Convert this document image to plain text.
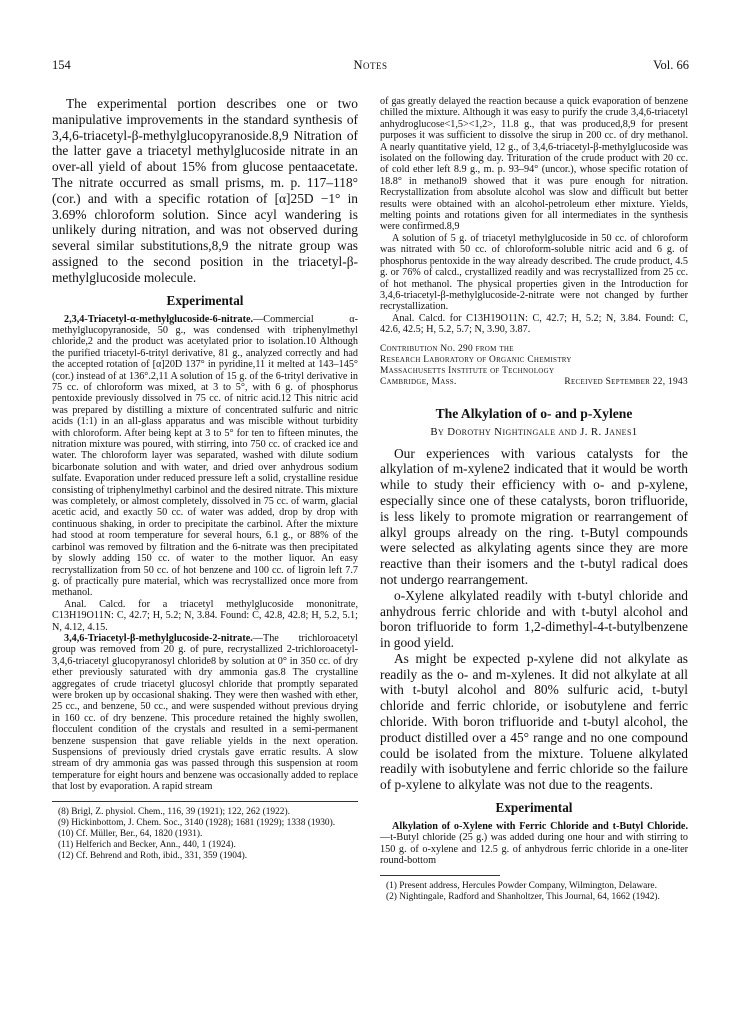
154	Notes	Vol. 66

The experimental portion describes one or two manipulative improvements in the standard synthesis of 3,4,6-triacetyl-β-methylglucopyranoside.8,9 Nitration of the latter gave a triacetyl methylglucoside nitrate in an over-all yield of about 15% from glucose pentaacetate. The nitrate occurred as small prisms, m. p. 117–118° (cor.) and with a specific rotation of [α]25D −1° in 3.69% chloroform solution. Since acyl wandering is unlikely during nitration, and was not observed during several similar substitutions,8,9 the nitrate group was assigned to the second position in the triacetyl-β-methylglucoside molecule.

Experimental

2,3,4-Triacetyl-α-methylglucoside-6-nitrate.—Commercial α-methylglucopyranoside, 50 g., was condensed with triphenylmethyl chloride,2 and the product was acetylated prior to isolation.10 Although the purified triacetyl-6-trityl derivative, 81 g., analyzed correctly and had the accepted rotation of [α]20D 137° in pyridine,11 it melted at 143–145° (cor.) instead of at 136°.2,11 A solution of 15 g. of the 6-trityl derivative in 75 cc. of chloroform was mixed, at 3 to 5°, with 6 g. of phosphorus pentoxide previously dissolved in 75 cc. of nitric acid.12 This nitric acid was prepared by distilling a mixture of concentrated sulfuric and nitric acids (1:1) in an all-glass apparatus and was miscible without turbidity with chloroform. After being kept at 3 to 5° for ten to fifteen minutes, the nitration mixture was poured, with stirring, into 750 cc. of cracked ice and water. The chloroform layer was separated, washed with dilute sodium bicarbonate solution and with water, and dried over anhydrous sodium sulfate. Evaporation under reduced pressure left a solid, crystalline residue consisting of triphenylmethyl carbinol and the desired nitrate. This mixture was completely, or almost completely, dissolved in 75 cc. of warm, glacial acetic acid, and exactly 50 cc. of water was added, drop by drop with continuous shaking, in order to precipitate the carbinol. After the mixture had stood at room temperature for several hours, 6.1 g., or 88% of the carbinol was removed by filtration and the 6-nitrate was then precipitated by slowly adding 150 cc. of water to the mother liquor. An easy recrystallization from 50 cc. of hot benzene and 100 cc. of ligroin left 7.7 g. of practically pure material, which was recrystallized once more from methanol.

Anal. Calcd. for a triacetyl methylglucoside mononitrate, C13H19O11N: C, 42.7; H, 5.2; N, 3.84. Found: C, 42.8, 42.8; H, 5.2, 5.1; N, 4.12, 4.15.

3,4,6-Triacetyl-β-methylglucoside-2-nitrate.—The trichloroacetyl group was removed from 20 g. of pure, recrystallized 2-trichloroacetyl-3,4,6-triacetyl glucopyranosyl chloride8 by solution at 0° in 350 cc. of dry ether previously saturated with dry ammonia gas.8 The crystalline aggregates of crude triacetyl glucosyl chloride that promptly separated were broken up by occasional shaking. They were then washed with ether, 25 cc., and benzene, 50 cc., and were suspended without previous drying in 160 cc. of dry benzene. This procedure retained the highly swollen, flocculent condition of the crystals and resulted in a semi-permanent benzene suspension that gave reliable yields in the next operation. Suspensions of previously dried crystals gave erratic results. A slow stream of dry ammonia gas was passed through this suspension at room temperature for eight hours and benzene was occasionally added to replace that lost by evaporation. A rapid stream

(8) Brigl, Z. physiol. Chem., 116, 39 (1921); 122, 262 (1922).

(9) Hickinbottom, J. Chem. Soc., 3140 (1928); 1681 (1929); 1338 (1930).

(10) Cf. Müller, Ber., 64, 1820 (1931).

(11) Helferich and Becker, Ann., 440, 1 (1924).

(12) Cf. Behrend and Roth, ibid., 331, 359 (1904).

of gas greatly delayed the reaction because a quick evaporation of benzene chilled the mixture. Although it was easy to purify the crude 3,4,6-triacetyl anhydroglucose<1,5><1,2>, 11.8 g., that was produced,8,9 for present purposes it was sufficient to dissolve the sirup in 200 cc. of dry methanol. A nearly quantitative yield, 12 g., of 3,4,6-triacetyl-β-methylglucoside was isolated on the following day. Trituration of the crude product with 20 cc. of cold ether left 8.9 g., m. p. 93–94° (uncor.), whose specific rotation of 18.8° in methanol9 showed that it was pure enough for nitration. Recrystallization from absolute alcohol was slow and difficult but better results were obtained with an alcohol-petroleum ether mixture. Yields, melting points and rotations given for all intermediates in the synthesis were confirmed.8,9

A solution of 5 g. of triacetyl methylglucoside in 50 cc. of chloroform was nitrated with 50 cc. of chloroform-soluble nitric acid and 6 g. of phosphorus pentoxide in the way already described. The crude product, 4.5 g. or 76% of calcd., crystallized readily and was recrystallized from 25 cc. of hot methanol. The physical properties given in the Introduction for 3,4,6-triacetyl-β-methylglucoside-2-nitrate were not changed by further recrystallization.

Anal. Calcd. for C13H19O11N: C, 42.7; H, 5.2; N, 3.84. Found: C, 42.6, 42.5; H, 5.2, 5.7; N, 3.90, 3.87.

Contribution No. 290 from the
Research Laboratory of Organic Chemistry
Massachusetts Institute of Technology
Cambridge, Mass.	Received September 22, 1943

The Alkylation of o- and p-Xylene

By Dorothy Nightingale and J. R. Janes1

Our experiences with various catalysts for the alkylation of m-xylene2 indicated that it would be worth while to study their efficiency with o- and p-xylene, especially since one of these catalysts, boron trifluoride, is less likely to promote migration or rearrangement of alkyl groups already on the ring. t-Butyl compounds were selected as alkylating agents since they are more reactive than their isomers and the t-butyl radical does not undergo rearrangement.

o-Xylene alkylated readily with t-butyl chloride and anhydrous ferric chloride and with t-butyl alcohol and boron trifluoride to form 1,2-dimethyl-4-t-butylbenzene in good yield.

As might be expected p-xylene did not alkylate as readily as the o- and m-xylenes. It did not alkylate at all with t-butyl alcohol and 80% sulfuric acid, t-butyl chloride and ferric chloride, or isobutylene and ferric chloride. With boron trifluoride and t-butyl alcohol, the product distilled over a 45° range and no one compound could be isolated from the mixture. Toluene alkylated readily with isobutylene and ferric chloride so the failure of p-xylene to alkylate was not due to the reagents.

Experimental

Alkylation of o-Xylene with Ferric Chloride and t-Butyl Chloride.—t-Butyl chloride (25 g.) was added during one hour and with stirring to 150 g. of o-xylene and 12.5 g. of anhydrous ferric chloride in a one-liter round-bottom

(1) Present address, Hercules Powder Company, Wilmington, Delaware.

(2) Nightingale, Radford and Shanholtzer, This Journal, 64, 1662 (1942).
